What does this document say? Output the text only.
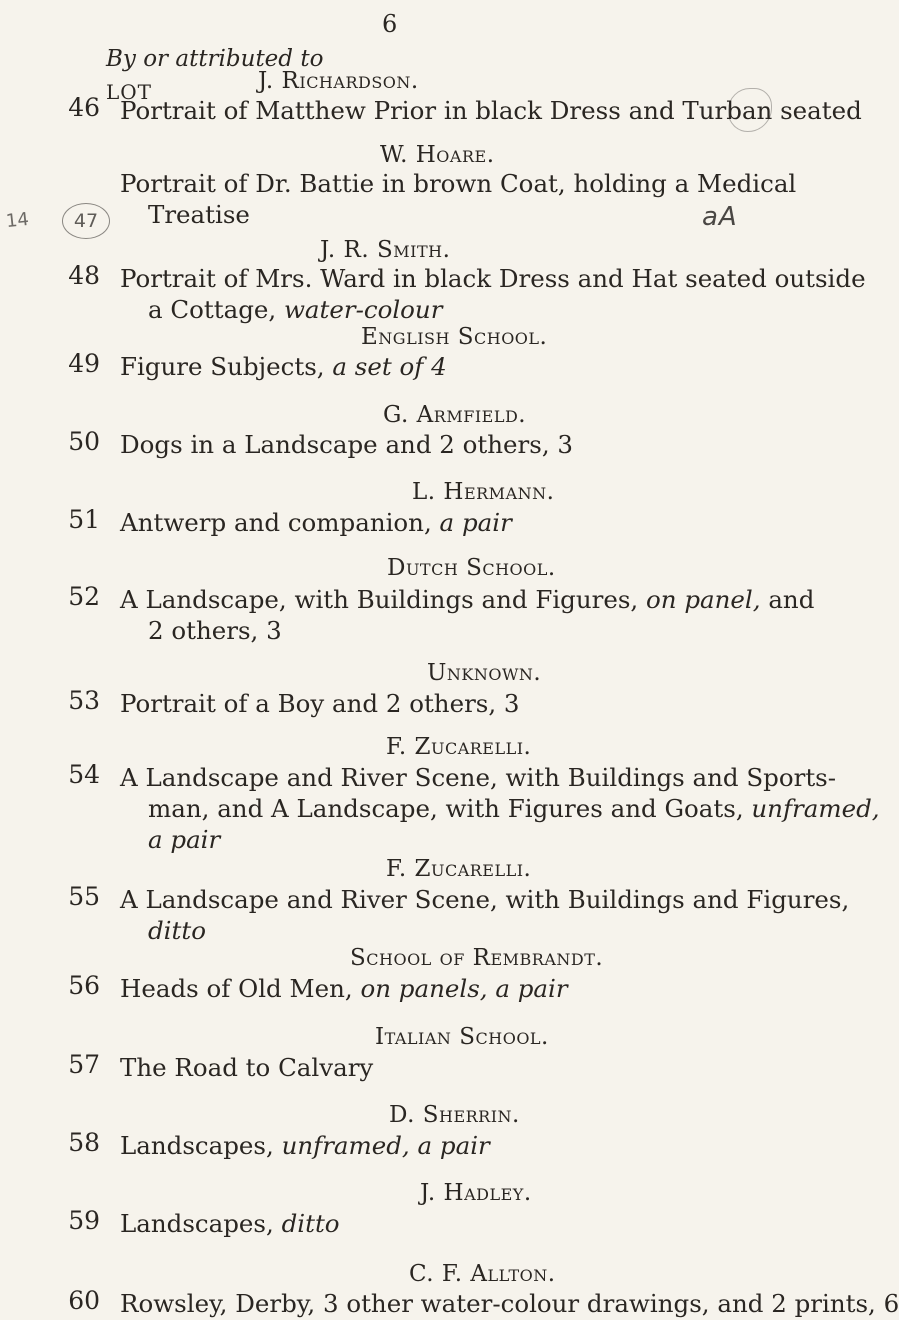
6
By or attributed to
LOT
14	47	aA
J. Richardson.
46 Portrait of Matthew Prior in black Dress and Turban seated
W. Hoare.
Portrait of Dr. Battie in brown Coat, holding a Medical
Treatise
J. R. Smith.
48 Portrait of Mrs. Ward in black Dress and Hat seated outside
a Cottage, water-colour
English School.
49 Figure Subjects, a set of 4
G. Armfield.
50 Dogs in a Landscape and 2 others, 3
L. Hermann.
51 Antwerp and companion, a pair
Dutch School.
52 A Landscape, with Buildings and Figures, on panel, and
2 others, 3
Unknown.
53 Portrait of a Boy and 2 others, 3
F. Zucarelli.
54 A Landscape and River Scene, with Buildings and Sports-
man, and A Landscape, with Figures and Goats, unframed,
a pair
F. Zucarelli.
55 A Landscape and River Scene, with Buildings and Figures,
ditto
School of Rembrandt.
56 Heads of Old Men, on panels, a pair
Italian School.
57 The Road to Calvary
D. Sherrin.
58 Landscapes, unframed, a pair
J. Hadley.
59 Landscapes, ditto
C. F. Allton.
60 Rowsley, Derby, 3 other water-colour drawings, and 2 prints, 6
